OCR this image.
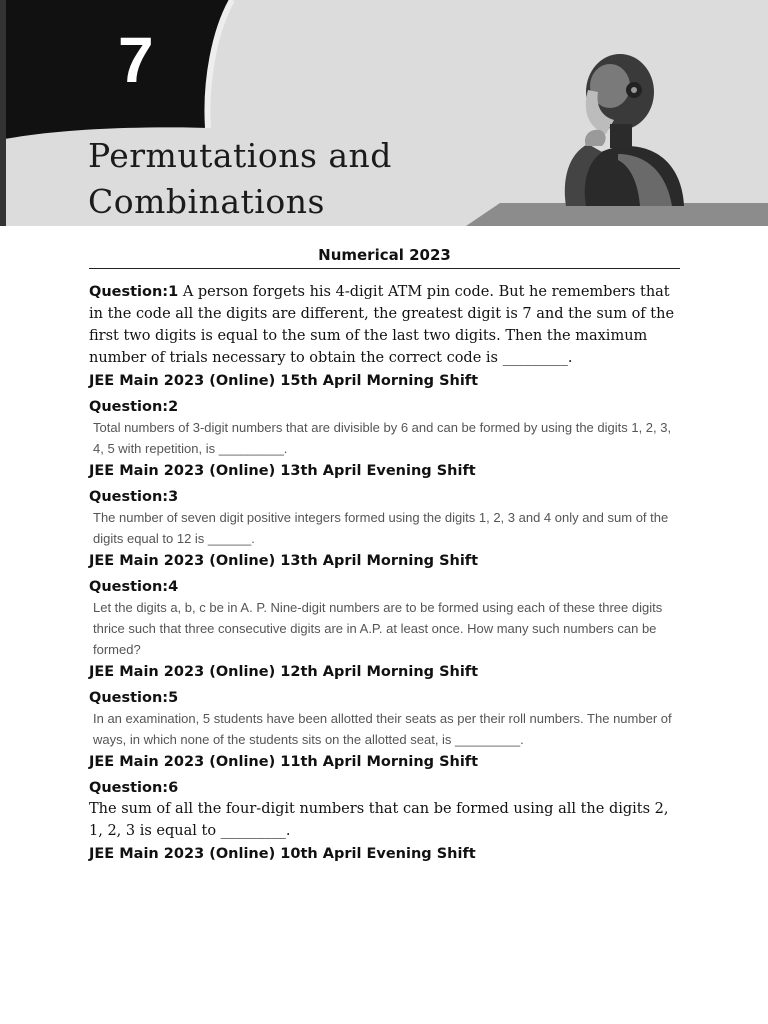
7
Permutations and
Combinations
Numerical 2023
Question:1 A person forgets his 4-digit ATM pin code. But he remembers that in the code all the digits are different, the greatest digit is 7 and the sum of the first two digits is equal to the sum of the last two digits. Then the maximum number of trials necessary to obtain the correct code is _________.
JEE Main 2023 (Online) 15th April Morning Shift
Question:2
Total numbers of 3-digit numbers that are divisible by 6 and can be formed by using the digits 1, 2, 3, 4, 5 with repetition, is _________.
JEE Main 2023 (Online) 13th April Evening Shift
Question:3
The number of seven digit positive integers formed using the digits 1, 2, 3 and 4 only and sum of the digits equal to 12 is ______.
JEE Main 2023 (Online) 13th April Morning Shift
Question:4
Let the digits a, b, c be in A. P. Nine-digit numbers are to be formed using each of these three digits thrice such that three consecutive digits are in A.P. at least once. How many such numbers can be formed?
JEE Main 2023 (Online) 12th April Morning Shift
Question:5
In an examination, 5 students have been allotted their seats as per their roll numbers. The number of ways, in which none of the students sits on the allotted seat, is _________.
JEE Main 2023 (Online) 11th April Morning Shift
Question:6
The sum of all the four-digit numbers that can be formed using all the digits 2, 1, 2, 3 is equal to _________.
JEE Main 2023 (Online) 10th April Evening Shift
